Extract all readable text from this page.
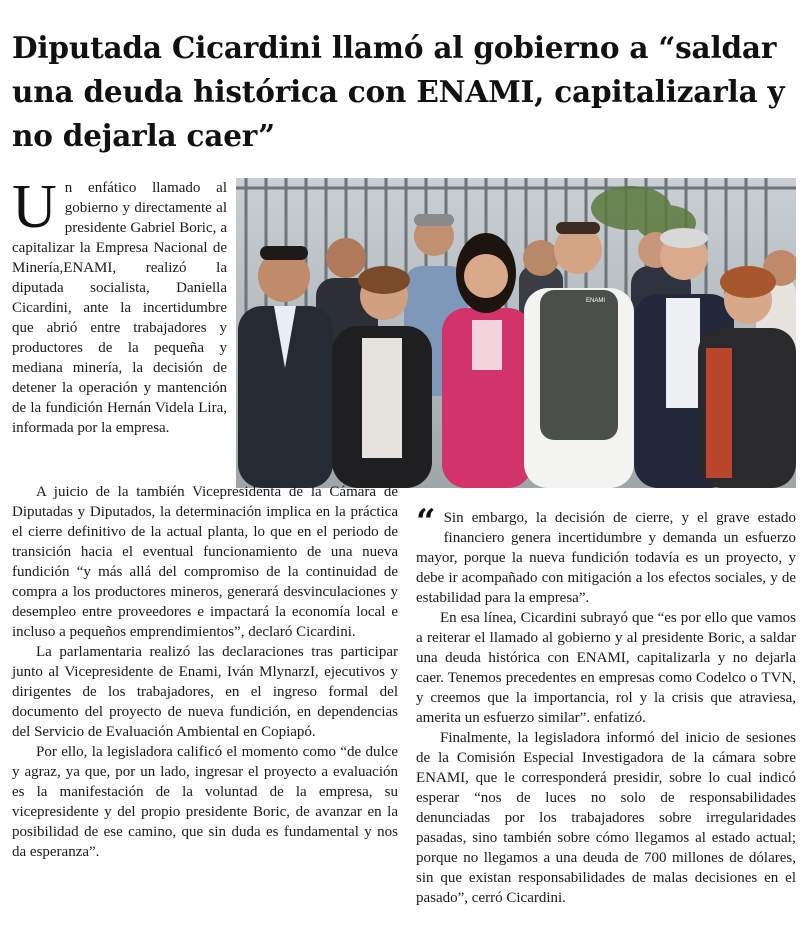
Diputada Cicardini llamó al gobierno a “saldar una deuda histórica con ENAMI, capitalizarla y no dejarla caer”
U n enfático llamado al gobierno y directamente al presidente Gabriel Boric, a capitalizar la Empresa Nacional de Minería,ENAMI, realizó la diputada socialista, Daniella Cicardini, ante la incertidumbre que abrió entre trabajadores y productores de la pequeña y mediana minería, la decisión de detener la operación y mantención de la fundición Hernán Videla Lira, informada por la empresa.
ENAMI

A juicio de la también Vicepresidenta de la Cámara de Diputadas y Diputados, la determinación implica en la práctica el cierre definitivo de la actual planta, lo que en el periodo de transición hacia el eventual funcionamiento de una nueva fundición “y más allá del compromiso de la continuidad de compra a los productores mineros, generará desvinculaciones y desempleo entre proveedores e impactará la economía local e incluso a pequeños emprendimientos”, declaró Cicardini.

La parlamentaria realizó las declaraciones tras participar junto al Vicepresidente de Enami, Iván MlynarzI, ejecutivos y dirigentes de los trabajadores, en el ingreso formal del documento del proyecto de nueva fundición, en dependencias del Servicio de Evaluación Ambiental en Copiapó.

Por ello, la legisladora calificó el momento como “de dulce y agraz, ya que, por un lado, ingresar el proyecto a evaluación es la manifestación de la voluntad de la empresa, su vicepresidente y del propio presidente Boric, de avanzar en la posibilidad de ese camino, que sin duda es fundamental y nos da esperanza”.

“ Sin embargo, la decisión de cierre, y el grave estado financiero genera incertidumbre y demanda un esfuerzo mayor, porque la nueva fundición todavía es un proyecto, y debe ir acompañado con mitigación a los efectos sociales, y de estabilidad para la empresa”.

En esa línea, Cicardini subrayó que “es por ello que vamos a reiterar el llamado al gobierno y al presidente Boric, a saldar una deuda histórica con ENAMI, capitalizarla y no dejarla caer. Tenemos precedentes en empresas como Codelco o TVN, y creemos que la importancia, rol y la crisis que atraviesa, amerita un esfuerzo similar”. enfatizó.

Finalmente, la legisladora informó del inicio de sesiones de la Comisión Especial Investigadora de la cámara sobre ENAMI, que le corresponderá presidir, sobre lo cual indicó esperar “nos de luces no solo de responsabilidades denunciadas por los trabajadores sobre irregularidades pasadas, sino también sobre cómo llegamos al estado actual; porque no llegamos a una deuda de 700 millones de dólares, sin que existan responsabilidades de malas decisiones en el pasado”, cerró Cicardini.
